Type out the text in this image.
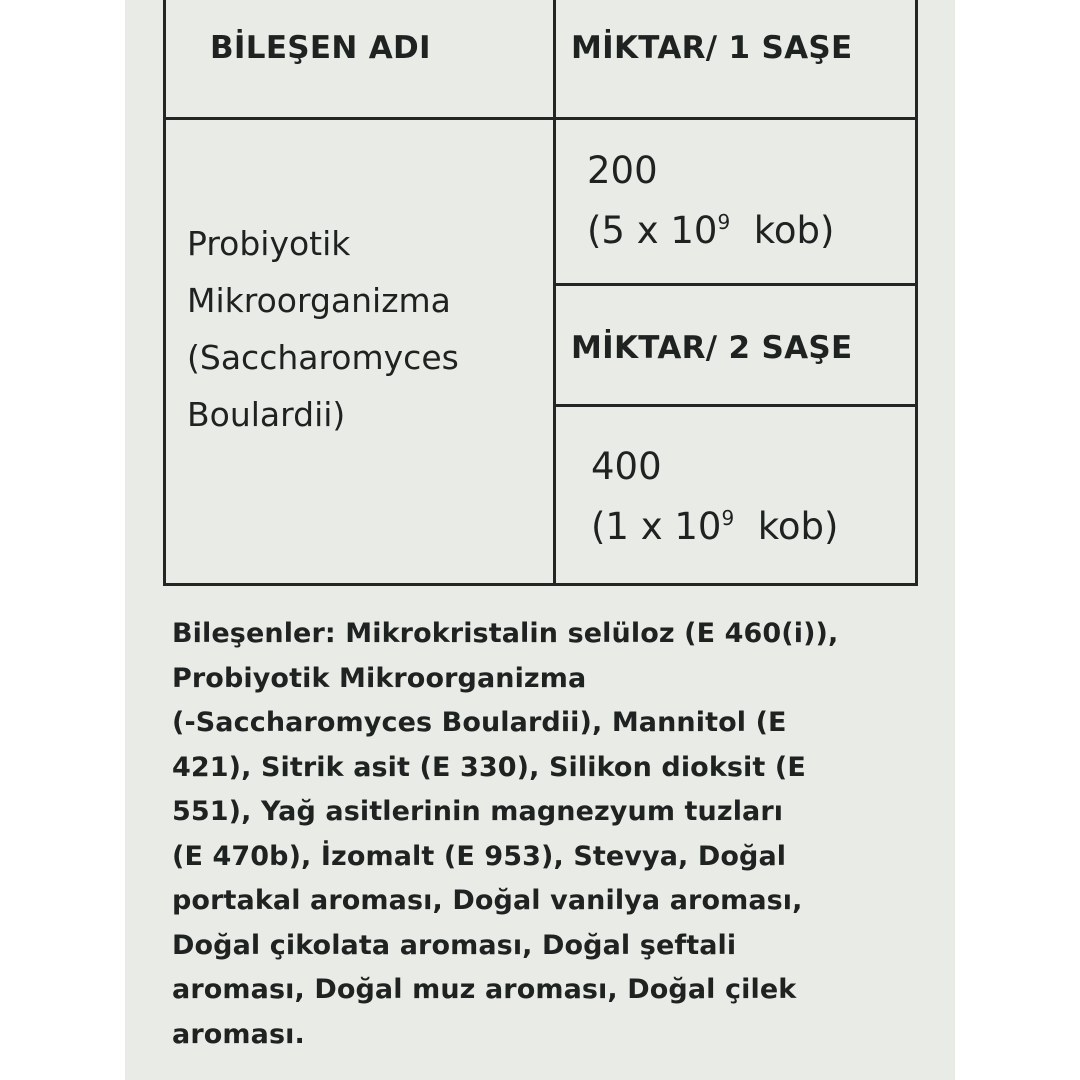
BİLEŞEN ADI	MİKTAR/ 1 SAŞE

Probiyotik
Mikroorganizma
(Saccharomyces
Boulardii)
200
(5 x $10^9$ kob)

MİKTAR/ 2 SAŞE

400
(1 x $10^9$ kob)

Bileşenler: Mikrokristalin selüloz (E 460(i)),
Probiyotik Mikroorganizma
(-Saccharomyces Boulardii), Mannitol (E
421), Sitrik asit (E 330), Silikon dioksit (E
551), Yağ asitlerinin magnezyum tuzları
(E 470b), İzomalt (E 953), Stevya, Doğal
portakal aroması, Doğal vanilya aroması,
Doğal çikolata aroması, Doğal şeftali
aroması, Doğal muz aroması, Doğal çilek
aroması.
